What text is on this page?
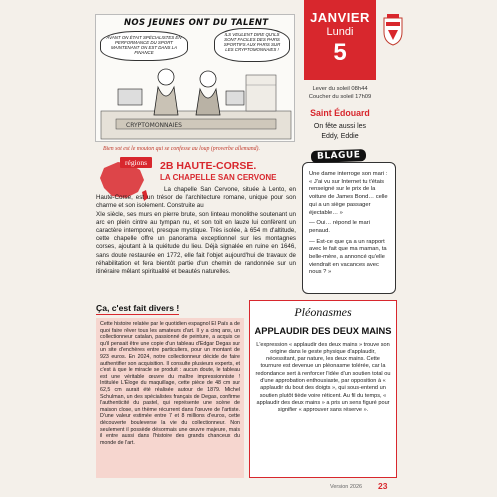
NOS JEUNES ONT DU TALENT
AVANT ON ÉTAIT SPÉCIALISTES EN PERFORMANCE DU SPORT MAINTENANT ON EST DANS LA FINANCE
ILS VEULENT DIRE QU'ILS SONT FACILES DES PARIS SPORTIFS AUX PARIS SUR LES CRYPTOMONNAIES !
CRYPTOMONNAIES
Bien sot est le mouton qui se confesse au loup (proverbe allemand).
JANVIER
Lundi
5
Lever du soleil 08h44
Coucher du soleil 17h09
Saint Édouard
On fête aussi les
Eddy, Eddie

Une dame interroge son mari : « J'ai vu sur Internet tu t'étais renseigné sur le prix de la voiture de James Bond… celle qui a un siège passager éjectable… »

— Oui… répond le mari penaud.

— Est-ce que ça a un rapport avec le fait que ma maman, ta belle-mère, a annoncé qu'elle viendrait en vacances avec nous ? »

BLAGUE
régions	2B HAUTE-CORSE.
LA CHAPELLE SAN CERVONE

La chapelle San Cervone, située à Lento, en Haute-Corse, est un trésor de l'architecture romane, unique pour son charme et son isolement. Construite au

XIe siècle, ses murs en pierre brute, son linteau monolithe soutenant un arc en plein cintre au tympan nu, et son toit en lauze lui confèrent un caractère intemporel, presque mystique. Très isolée, à 654 m d'altitude, cette chapelle offre un panorama exceptionnel sur les montagnes corses, ajoutant à la quiétude du lieu. Déjà signalée en ruine en 1646, sans doute restaurée en 1772, elle fait l'objet aujourd'hui de travaux de réhabilitation et fera bientôt partie d'un chemin de randonnée sur un itinéraire mêlant spiritualité et beautés naturelles.

Ça, c'est fait divers !
Cette histoire relatée par le quotidien espagnol El País a de quoi faire rêver tous les amateurs d'art. Il y a cinq ans, un collectionneur catalan, passionné de peinture, a acquis ce qu'il pensait être une copie d'un tableau d'Edgar Degas sur un site d'enchères entre particuliers, pour un montant de 923 euros. En 2024, notre collectionneur décide de faire authentifier son acquisition. Il consulte plusieurs experts, et c'est à que le miracle se produit : aucun doute, le tableau est une véritable œuvre du maître impressionniste ! Intitulée L'Éloge du maquillage, cette pièce de 48 cm sur 62,5 cm aurait été réalisée autour de 1879. Michel Schulman, un des spécialistes français de Degas, confirme l'authenticité du pastel, qui représente une scène de maison close, un thème récurrent dans l'œuvre de l'artiste. D'une valeur estimée entre 7 et 8 millions d'euros, cette découverte bouleverse la vie du collectionneur. Non seulement il possède désormais une œuvre majeure, mais il entre aussi dans l'histoire des grands chanceux du monde de l'art.
Pléonasmes
APPLAUDIR DES DEUX MAINS
L'expression « applaudir des deux mains » trouve son origine dans le geste physique d'applaudir, nécessitant, par nature, les deux mains. Cette tournure est devenue un pléonasme tolérée, car la redondance sert à renforcer l'idée d'un soutien total ou d'une approbation enthousiaste, par opposition à « applaudir du bout des doigts », qui sous-entend un soutien plutôt tiède voire réticent. Au fil du temps, « applaudir des deux mains » a pris un sens figuré pour signifier « approuver sans réserve ».
Version 2026 23
